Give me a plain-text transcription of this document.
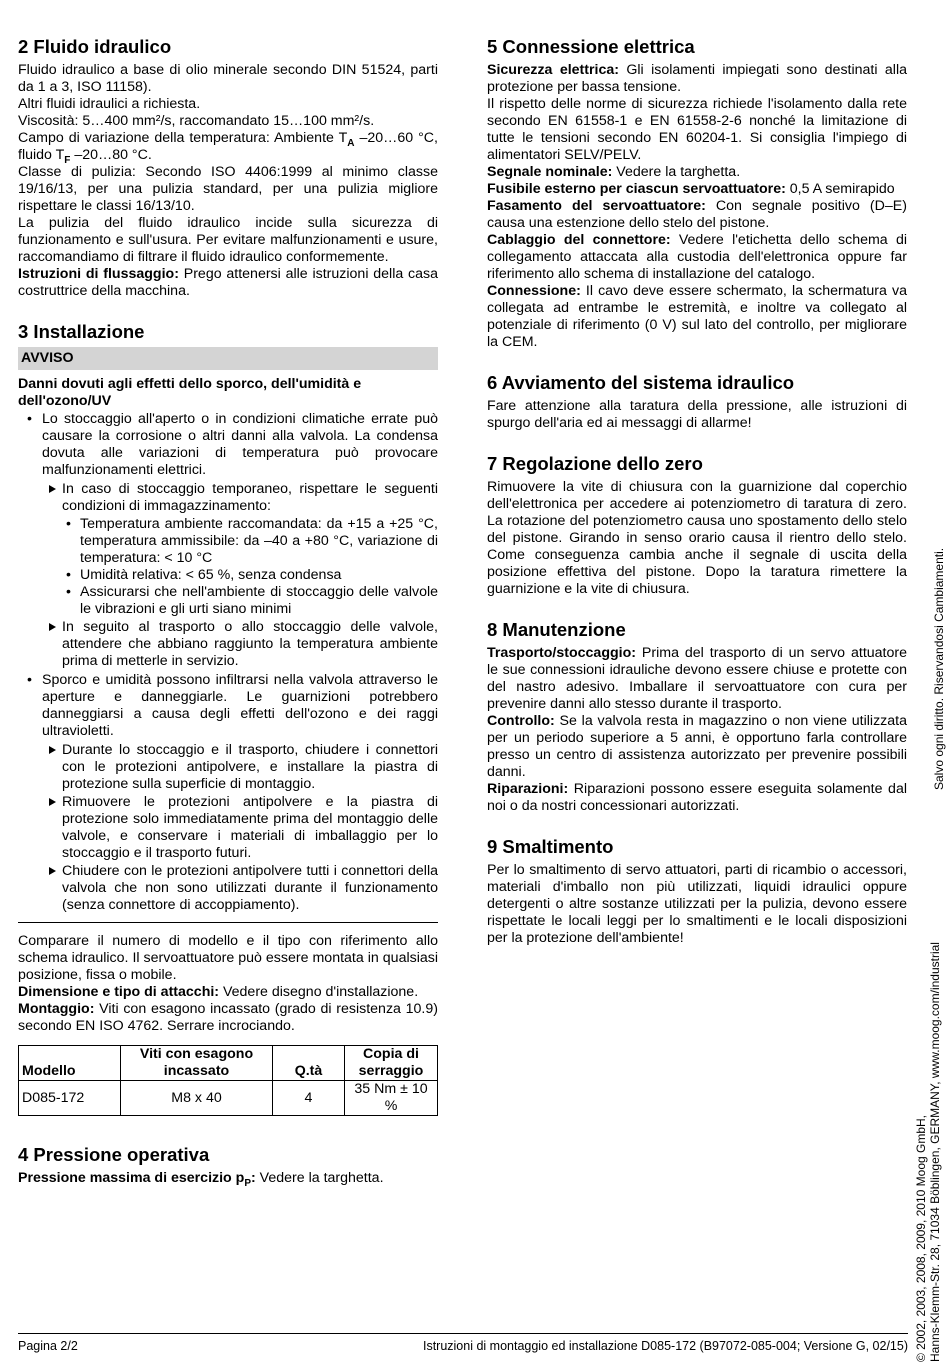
2 Fluido idraulico

Fluido idraulico a base di olio minerale secondo DIN 51524, parti da 1 a 3, ISO 11158).

Altri fluidi idraulici a richiesta.

Viscosità: 5…400 mm²/s, raccomandato 15…100 mm²/s.

Campo di variazione della temperatura: Ambiente $T_A$ –20…60 °C, fluido $T_F$ –20…80 °C.

Classe di pulizia: Secondo ISO 4406:1999 al minimo classe 19/16/13, per una pulizia standard, per una pulizia migliore rispettare le classi 16/13/10.

La pulizia del fluido idraulico incide sulla sicurezza di funzionamento e sull'usura. Per evitare malfunzionamenti e usure, raccomandiamo di filtrare il fluido idraulico conformemente.

Istruzioni di flussaggio: Prego attenersi alle istruzioni della casa costruttrice della macchina.

3 Installazione
AVVISO
Danni dovuti agli effetti dello sporco, dell'umidità e dell'ozono/UV
• Lo stoccaggio all'aperto o in condizioni climatiche errate può causare la corrosione o altri danni alla valvola. La condensa dovuta alle variazioni di temperatura può provocare malfunzionamenti elettrici.
In caso di stoccaggio temporaneo, rispettare le seguenti condizioni di immagazzinamento:
• Temperatura ambiente raccomandata: da +15 a +25 °C, temperatura ammissibile: da –40 a +80 °C, variazione di temperatura: < 10 °C
• Umidità relativa: < 65 %, senza condensa
• Assicurarsi che nell'ambiente di stoccaggio delle valvole le vibrazioni e gli urti siano minimi
In seguito al trasporto o allo stoccaggio delle valvole, attendere che abbiano raggiunto la temperatura ambiente prima di metterle in servizio.
• Sporco e umidità possono infiltrarsi nella valvola attraverso le aperture e danneggiarle. Le guarnizioni potrebbero danneggiarsi a causa degli effetti dell'ozono e dei raggi ultravioletti.
Durante lo stoccaggio e il trasporto, chiudere i connettori con le protezioni antipolvere, e installare la piastra di protezione sulla superficie di montaggio.
Rimuovere le protezioni antipolvere e la piastra di protezione solo immediatamente prima del montaggio delle valvole, e conservare i materiali di imballaggio per lo stoccaggio e il trasporto futuri.
Chiudere con le protezioni antipolvere tutti i connettori della valvola che non sono utilizzati durante il funzionamento (senza connettore di accoppiamento).

Comparare il numero di modello e il tipo con riferimento allo schema idraulico. Il servoattuatore può essere montata in qualsiasi posizione, fissa o mobile.

Dimensione e tipo di attacchi: Vedere disegno d'installazione.

Montaggio: Viti con esagono incassato (grado di resistenza 10.9) secondo EN ISO 4762. Serrare incrociando.

Modello	Viti con esagono incassato	Q.tà	Copia di serraggio
D085-172	M8 x 40	4	35 Nm ± 10 %
4 Pressione operativa

Pressione massima di esercizio $p_P$: Vedere la targhetta.

5 Connessione elettrica

Sicurezza elettrica: Gli isolamenti impiegati sono destinati alla protezione per bassa tensione.

Il rispetto delle norme di sicurezza richiede l'isolamento dalla rete secondo EN 61558-1 e EN 61558-2-6 nonché la limitazione di tutte le tensioni secondo EN 60204-1. Si consiglia l'impiego di alimentatori SELV/PELV.

Segnale nominale: Vedere la targhetta.

Fusibile esterno per ciascun servoattuatore: 0,5 A semirapido

Fasamento del servoattuatore: Con segnale positivo (D–E) causa una estenzione dello stelo del pistone.

Cablaggio del connettore: Vedere l'etichetta dello schema di collegamento attaccata alla custodia dell'elettronica oppure far riferimento allo schema di installazione del catalogo.

Connessione: Il cavo deve essere schermato, la schermatura va collegata ad entrambe le estremità, e inoltre va collegato al potenziale di riferimento (0 V) sul lato del controllo, per migliorare la CEM.

6 Avviamento del sistema idraulico

Fare attenzione alla taratura della pressione, alle istruzioni di spurgo dell'aria ed ai messaggi di allarme!

7 Regolazione dello zero

Rimuovere la vite di chiusura con la guarnizione dal coperchio dell'elettronica per accedere ai potenziometro di taratura di zero. La rotazione del potenziometro causa uno spostamento dello stelo del pistone. Girando in senso orario causa il rientro dello stelo. Come conseguenza cambia anche il segnale di uscita della posizione effettiva del pistone. Dopo la taratura rimettere la guarnizione e la vite di chiusura.

8 Manutenzione

Trasporto/stoccaggio: Prima del trasporto di un servo attuatore le sue connessioni idrauliche devono essere chiuse e protette con del nastro adesivo. Imballare il servoattuatore con cura per prevenire danni allo stesso durante il trasporto.

Controllo: Se la valvola resta in magazzino o non viene utilizzata per un periodo superiore a 5 anni, è opportuno farla controllare presso un centro di assistenza autorizzato per prevenire possibili danni.

Riparazioni: Riparazioni possono essere eseguita solamente dal noi o da nostri concessionari autorizzati.

9 Smaltimento

Per lo smaltimento di servo attuatori, parti di ricambio o accessori, materiali d'imballo non più utilizzati, liquidi idraulici oppure detergenti o altre sostanze utilizzati per la pulizia, devono essere rispettate le locali leggi per lo smaltimenti e le locali disposizioni per la protezione dell'ambiente!

Salvo ogni diritto. Riservandosi Cambiamenti.
© 2002, 2003, 2008, 2009, 2010 Moog GmbH, Hanns-Klemm-Str. 28, 71034 Böblingen, GERMANY, www.moog.com/industrial
Pagina 2/2	Istruzioni di montaggio ed installazione D085-172 (B97072-085-004; Versione G, 02/15)
